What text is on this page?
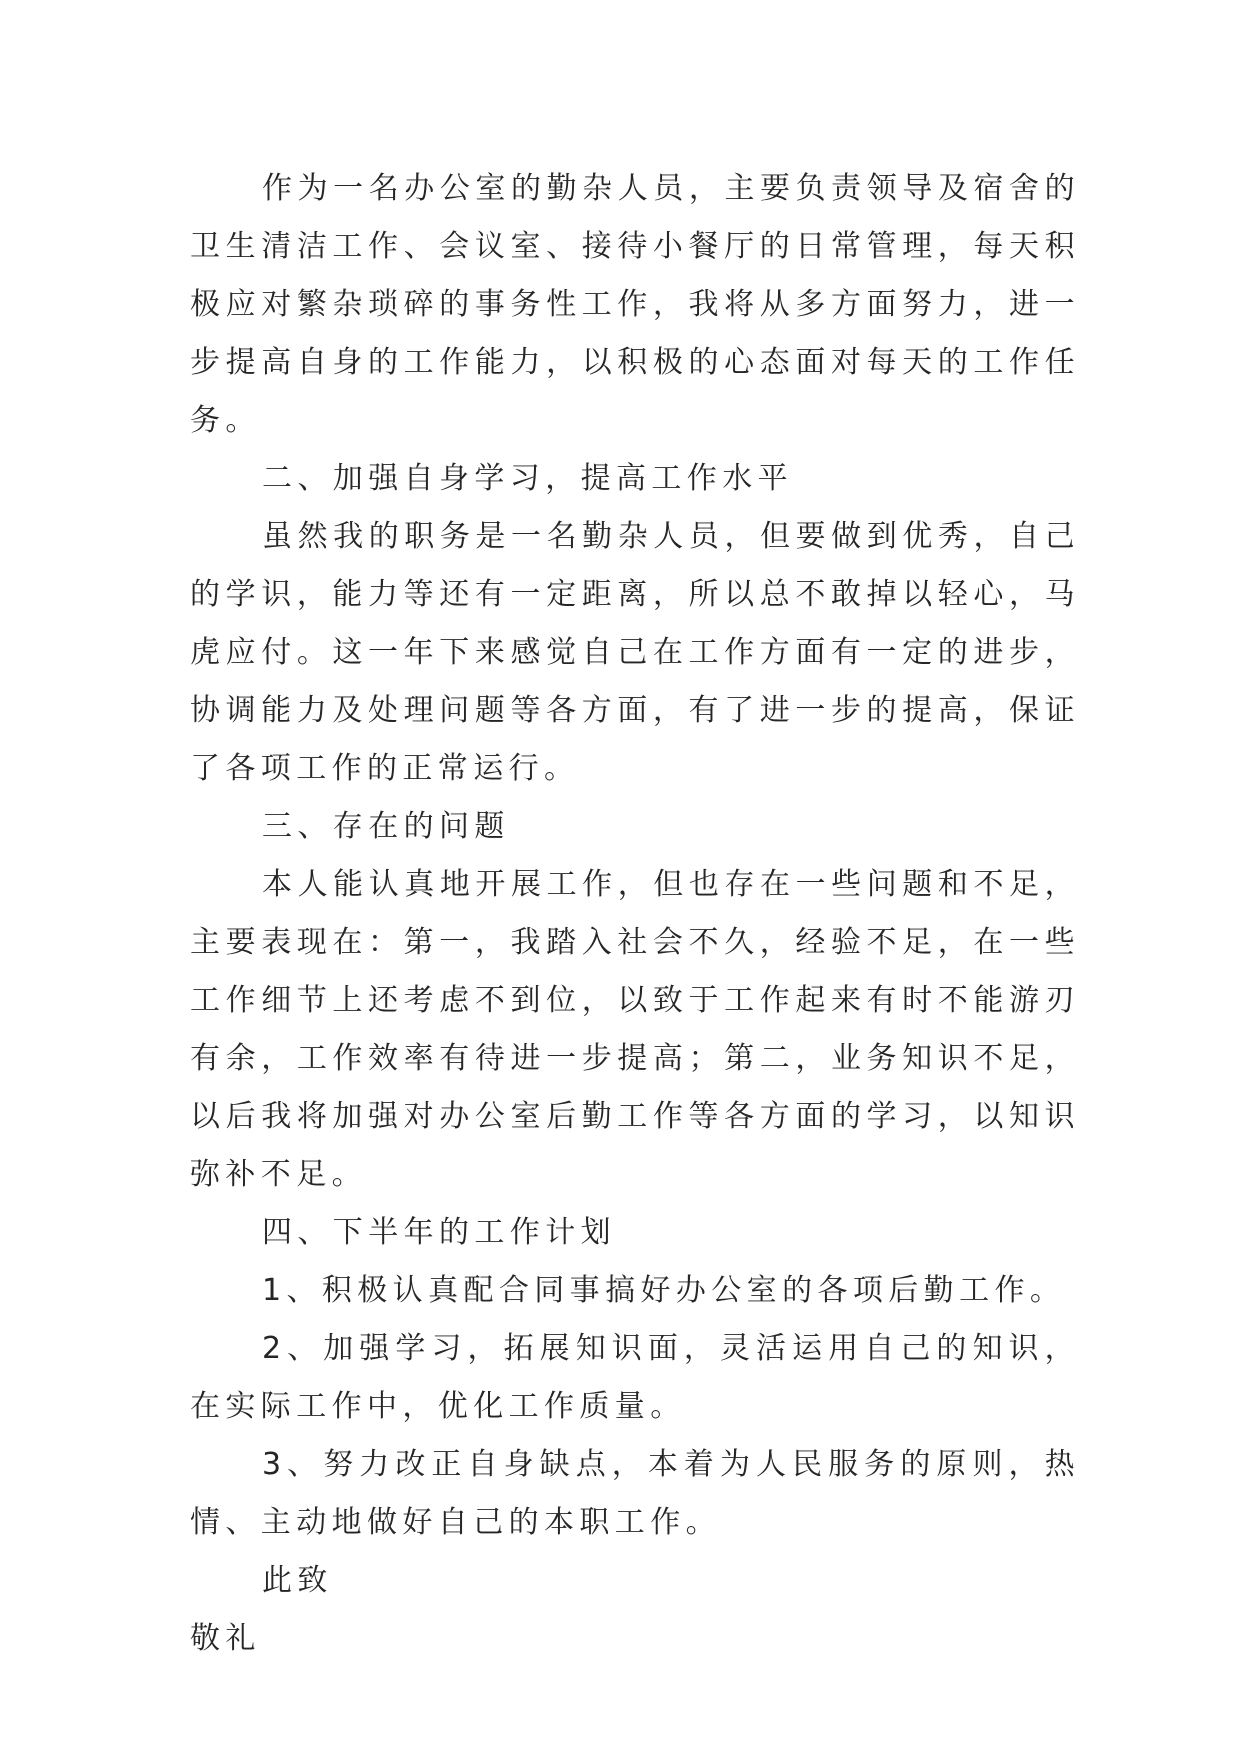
作为一名办公室的勤杂人员，主要负责领导及宿舍的卫生清洁工作、会议室、接待小餐厅的日常管理，每天积极应对繁杂琐碎的事务性工作，我将从多方面努力，进一步提高自身的工作能力，以积极的心态面对每天的工作任务。

二、加强自身学习，提高工作水平

虽然我的职务是一名勤杂人员，但要做到优秀，自己的学识，能力等还有一定距离，所以总不敢掉以轻心，马虎应付。这一年下来感觉自己在工作方面有一定的进步，协调能力及处理问题等各方面，有了进一步的提高，保证了各项工作的正常运行。

三、存在的问题

本人能认真地开展工作，但也存在一些问题和不足，主要表现在：第一，我踏入社会不久，经验不足，在一些工作细节上还考虑不到位，以致于工作起来有时不能游刃有余，工作效率有待进一步提高；第二，业务知识不足，以后我将加强对办公室后勤工作等各方面的学习，以知识弥补不足。

四、下半年的工作计划

1、积极认真配合同事搞好办公室的各项后勤工作。

2、加强学习，拓展知识面，灵活运用自己的知识，在实际工作中，优化工作质量。

3、努力改正自身缺点，本着为人民服务的原则，热情、主动地做好自己的本职工作。

此致

敬礼
